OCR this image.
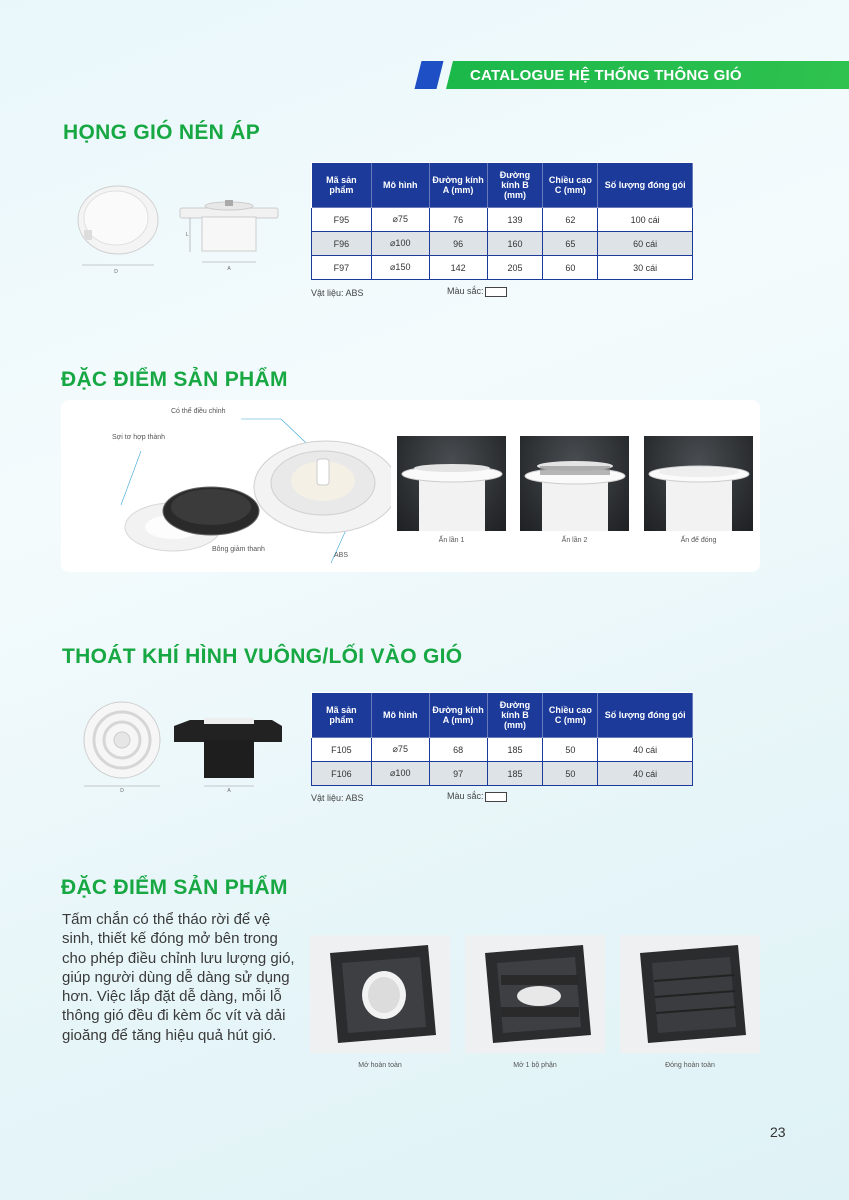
CATALOGUE HỆ THỐNG THÔNG GIÓ
HỌNG GIÓ NÉN ÁP
D	A
L
Mã sản phẩm	Mô hình	Đường kính A (mm)	Đường kính B (mm)	Chiều cao C (mm)	Số lượng đóng gói
F95	⌀75	76	139	62	100 cái
F96	⌀100	96	160	65	60 cái
F97	⌀150	142	205	60	30 cái
Vật liệu: ABS	Màu sắc:
ĐẶC ĐIỂM SẢN PHẨM
Có thể điều chỉnh
Sợi tơ hợp thành
Bông giảm thanh
ABS
Ấn lần 1	Ấn lần 2	Ấn để đóng
THOÁT KHÍ HÌNH VUÔNG/LỐI VÀO GIÓ
D	A
Mã sản phẩm	Mô hình	Đường kính A (mm)	Đường kính B (mm)	Chiều cao C (mm)	Số lượng đóng gói
F105	⌀75	68	185	50	40 cái
F106	⌀100	97	185	50	40 cái
Vật liệu: ABS	Màu sắc:
ĐẶC ĐIỂM SẢN PHẨM
Tấm chắn có thể tháo rời để vệ sinh, thiết kế đóng mở bên trong cho phép điều chỉnh lưu lượng gió, giúp người dùng dễ dàng sử dụng hơn. Việc lắp đặt dễ dàng, mỗi lỗ thông gió đều đi kèm ốc vít và dải gioăng để tăng hiệu quả hút gió.
Mở hoàn toàn	Mở 1 bộ phận	Đóng hoàn toàn
23
